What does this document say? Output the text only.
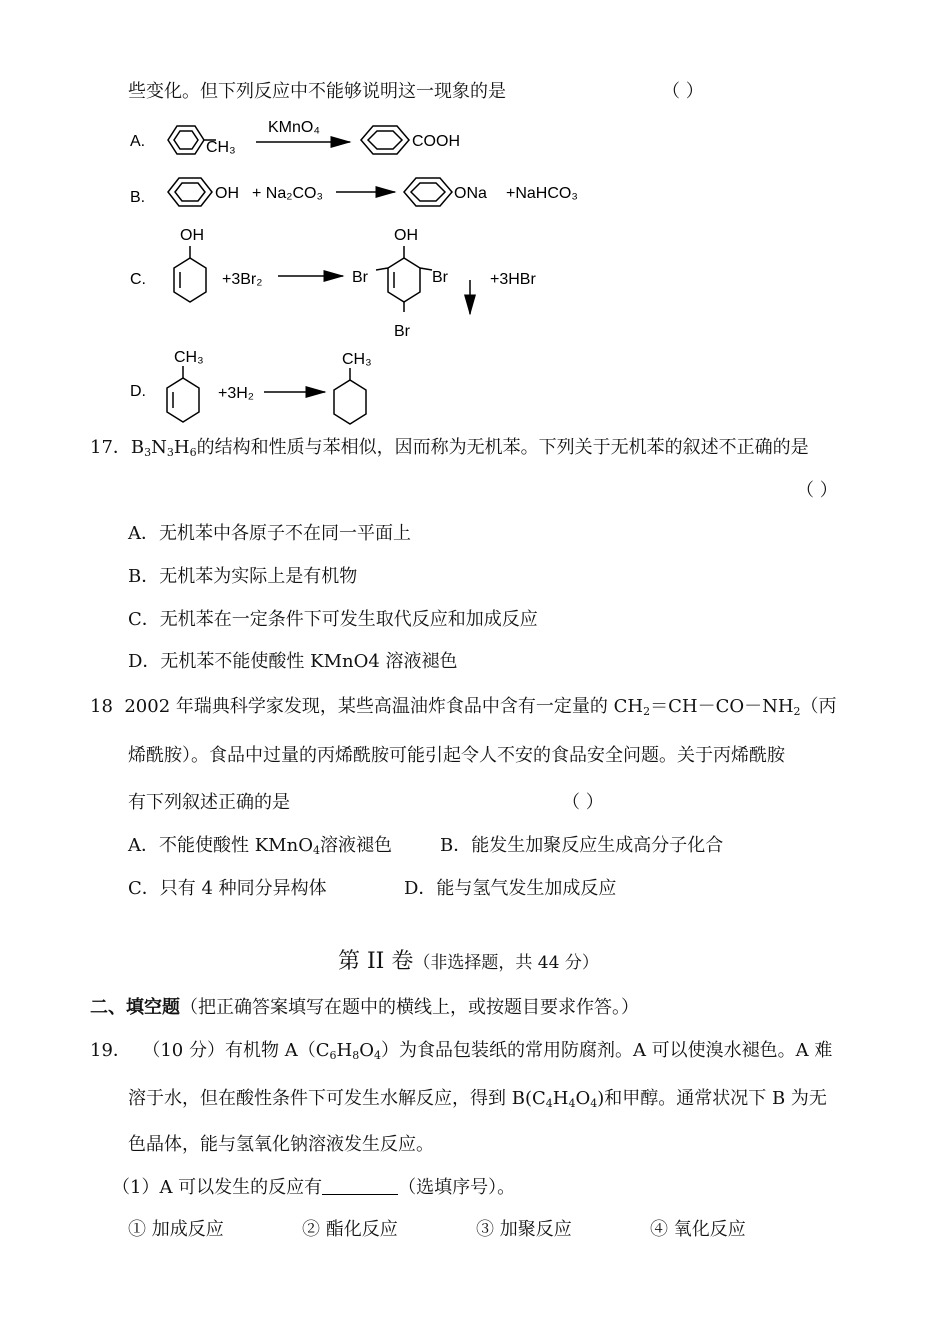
些变化。但下列反应中不能够说明这一现象的是	（ ）
A.	CH₃
KMnO₄
COOH
B.	OH + Na₂CO₃	ONa +NaHCO₃
C.
OH
+3Br₂	Br	Br
OH
Br
+3HBr
D.
CH₃
+3H₂
CH₃
17．$B_3N_3H_6$的结构和性质与苯相似，因而称为无机苯。下列关于无机苯的叙述不正确的是
（ ）
A．无机苯中各原子不在同一平面上
B．无机苯为实际上是有机物
C．无机苯在一定条件下可发生取代反应和加成反应
D．无机苯不能使酸性 KMnO4 溶液褪色
18 2002 年瑞典科学家发现，某些高温油炸食品中含有一定量的 $CH_2=CH-CO-NH_2$（丙
烯酰胺）。食品中过量的丙烯酰胺可能引起令人不安的食品安全问题。关于丙烯酰胺
有下列叙述正确的是	（ ）
A．不能使酸性 KMnO$_4$溶液褪色	B．能发生加聚反应生成高分子化合
C．只有 4 种同分异构体	D．能与氢气发生加成反应
第 II 卷（非选择题，共 44 分）
二、填空题（把正确答案填写在题中的横线上，或按题目要求作答。）
19． （10 分）有机物 $A(C_6H_8O_4)$为食品包装纸的常用防腐剂。A 可以使溴水褪色。A 难
溶于水，但在酸性条件下可发生水解反应，得到 $B(C_4H_4O_4)$和甲醇。通常状况下 B 为无
色晶体，能与氢氧化钠溶液发生反应。
（1）A 可以发生的反应有	（选填序号）。
① 加成反应	② 酯化反应	③ 加聚反应	④ 氧化反应
